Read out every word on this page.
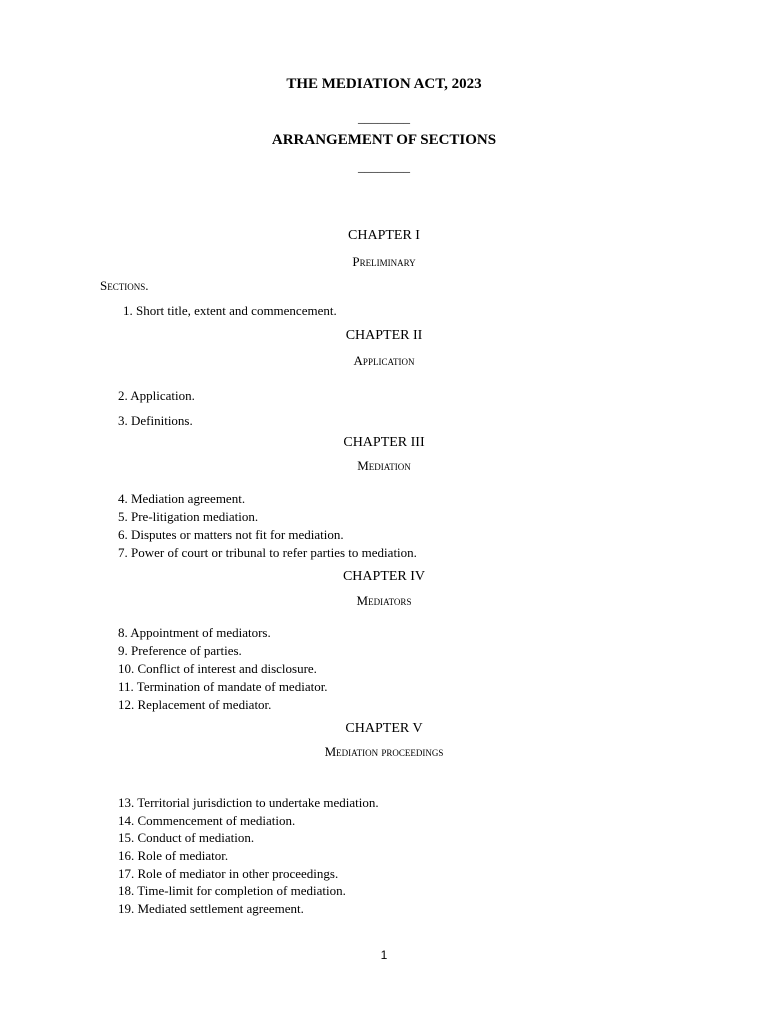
THE MEDIATION ACT, 2023
________
ARRANGEMENT OF SECTIONS
________
CHAPTER I
Preliminary
Sections.
1. Short title, extent and commencement.
CHAPTER II
Application
2. Application.
3. Definitions.
CHAPTER III
Mediation
4. Mediation agreement.
5. Pre-litigation mediation.
6. Disputes or matters not fit for mediation.
7. Power of court or tribunal to refer parties to mediation.
CHAPTER IV
Mediators
8. Appointment of mediators.
9. Preference of parties.
10. Conflict of interest and disclosure.
11. Termination of mandate of mediator.
12. Replacement of mediator.
CHAPTER V
Mediation proceedings
13. Territorial jurisdiction to undertake mediation.
14. Commencement of mediation.
15. Conduct of mediation.
16. Role of mediator.
17. Role of mediator in other proceedings.
18. Time-limit for completion of mediation.
19. Mediated settlement agreement.
1
